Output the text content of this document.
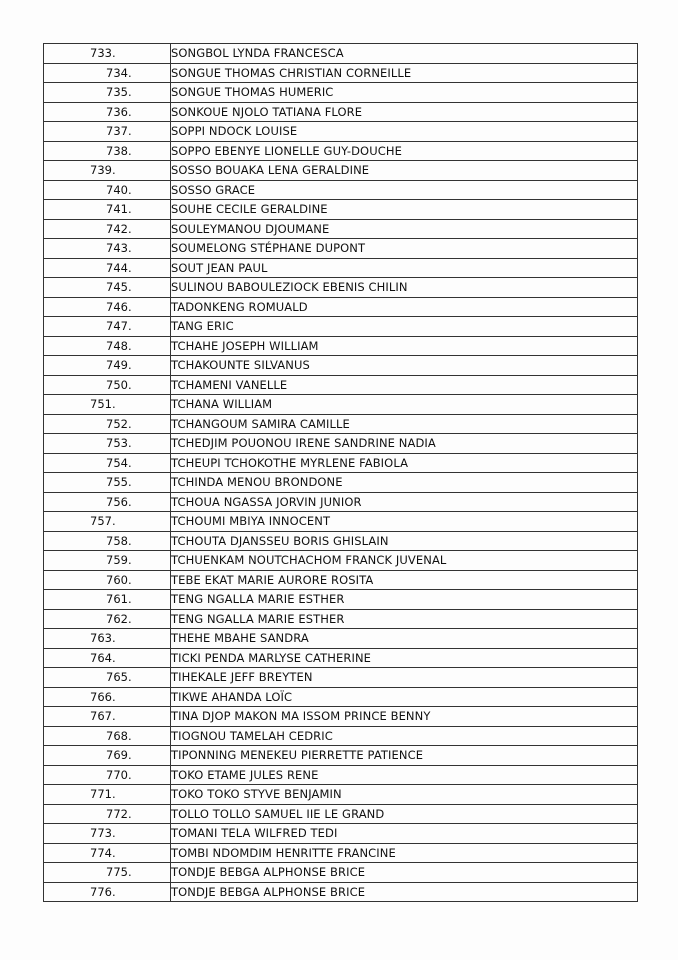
733.	SONGBOL LYNDA FRANCESCA
734.	SONGUE THOMAS CHRISTIAN CORNEILLE
735.	SONGUE THOMAS HUMERIC
736.	SONKOUE NJOLO TATIANA FLORE
737.	SOPPI NDOCK LOUISE
738.	SOPPO EBENYE LIONELLE GUY-DOUCHE
739.	SOSSO BOUAKA LENA GERALDINE
740.	SOSSO GRACE
741.	SOUHE CECILE GERALDINE
742.	SOULEYMANOU DJOUMANE
743.	SOUMELONG STÉPHANE DUPONT
744.	SOUT JEAN PAUL
745.	SULINOU BABOULEZIOCK EBENIS CHILIN
746.	TADONKENG ROMUALD
747.	TANG ERIC
748.	TCHAHE JOSEPH WILLIAM
749.	TCHAKOUNTE SILVANUS
750.	TCHAMENI VANELLE
751.	TCHANA WILLIAM
752.	TCHANGOUM SAMIRA CAMILLE
753.	TCHEDJIM POUONOU IRENE SANDRINE NADIA
754.	TCHEUPI TCHOKOTHE MYRLENE FABIOLA
755.	TCHINDA MENOU BRONDONE
756.	TCHOUA NGASSA JORVIN JUNIOR
757.	TCHOUMI MBIYA INNOCENT
758.	TCHOUTA DJANSSEU BORIS GHISLAIN
759.	TCHUENKAM NOUTCHACHOM FRANCK JUVENAL
760.	TEBE EKAT MARIE AURORE ROSITA
761.	TENG NGALLA MARIE ESTHER
762.	TENG NGALLA MARIE ESTHER
763.	THEHE MBAHE SANDRA
764.	TICKI PENDA MARLYSE CATHERINE
765.	TIHEKALE JEFF BREYTEN
766.	TIKWE AHANDA LOÏC
767.	TINA DJOP MAKON MA ISSOM PRINCE BENNY
768.	TIOGNOU TAMELAH CEDRIC
769.	TIPONNING MENEKEU PIERRETTE PATIENCE
770.	TOKO ETAME JULES RENE
771.	TOKO TOKO STYVE BENJAMIN
772.	TOLLO TOLLO SAMUEL IIE LE GRAND
773.	TOMANI TELA WILFRED TEDI
774.	TOMBI NDOMDIM HENRITTE FRANCINE
775.	TONDJE BEBGA ALPHONSE BRICE
776.	TONDJE BEBGA ALPHONSE BRICE
